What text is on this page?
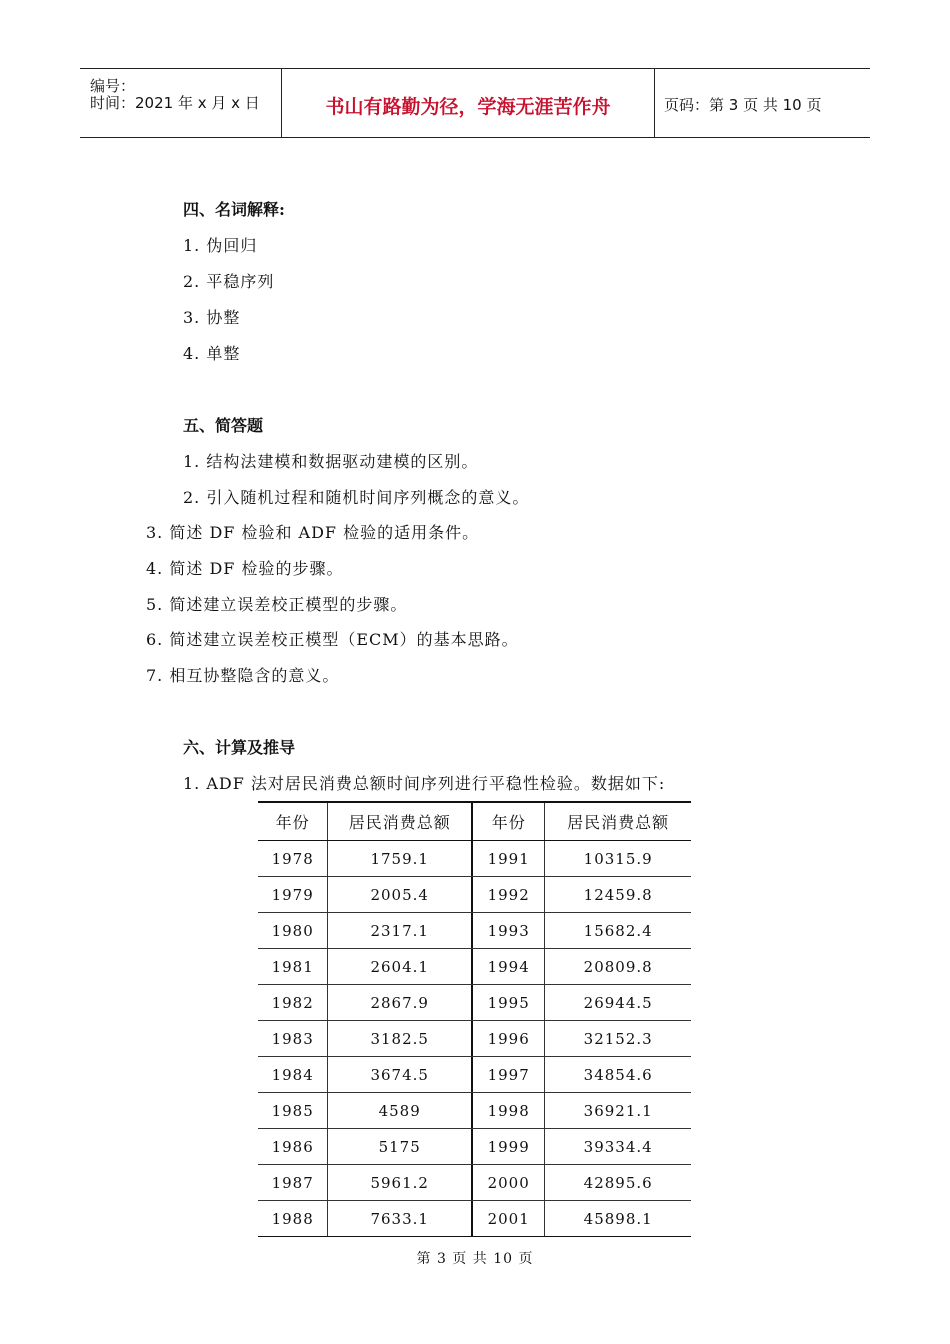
编号：
时间：2021 年 x 月 x 日	书山有路勤为径，学海无涯苦作舟	页码：第 3 页 共 10 页
四、名词解释:
1. 伪回归
2. 平稳序列
3. 协整
4. 单整
五、简答题
1. 结构法建模和数据驱动建模的区别。
2. 引入随机过程和随机时间序列概念的意义。
3. 简述 DF 检验和 ADF 检验的适用条件。
4. 简述 DF 检验的步骤。
5. 简述建立误差校正模型的步骤。
6. 简述建立误差校正模型（ECM）的基本思路。
7. 相互协整隐含的意义。
六、计算及推导
1. ADF 法对居民消费总额时间序列进行平稳性检验。数据如下:
年份	居民消费总额	年份	居民消费总额
1978	1759.1	1991	10315.9
1979	2005.4	1992	12459.8
1980	2317.1	1993	15682.4
1981	2604.1	1994	20809.8
1982	2867.9	1995	26944.5
1983	3182.5	1996	32152.3
1984	3674.5	1997	34854.6
1985	4589	1998	36921.1
1986	5175	1999	39334.4
1987	5961.2	2000	42895.6
1988	7633.1	2001	45898.1
第 3 页 共 10 页
